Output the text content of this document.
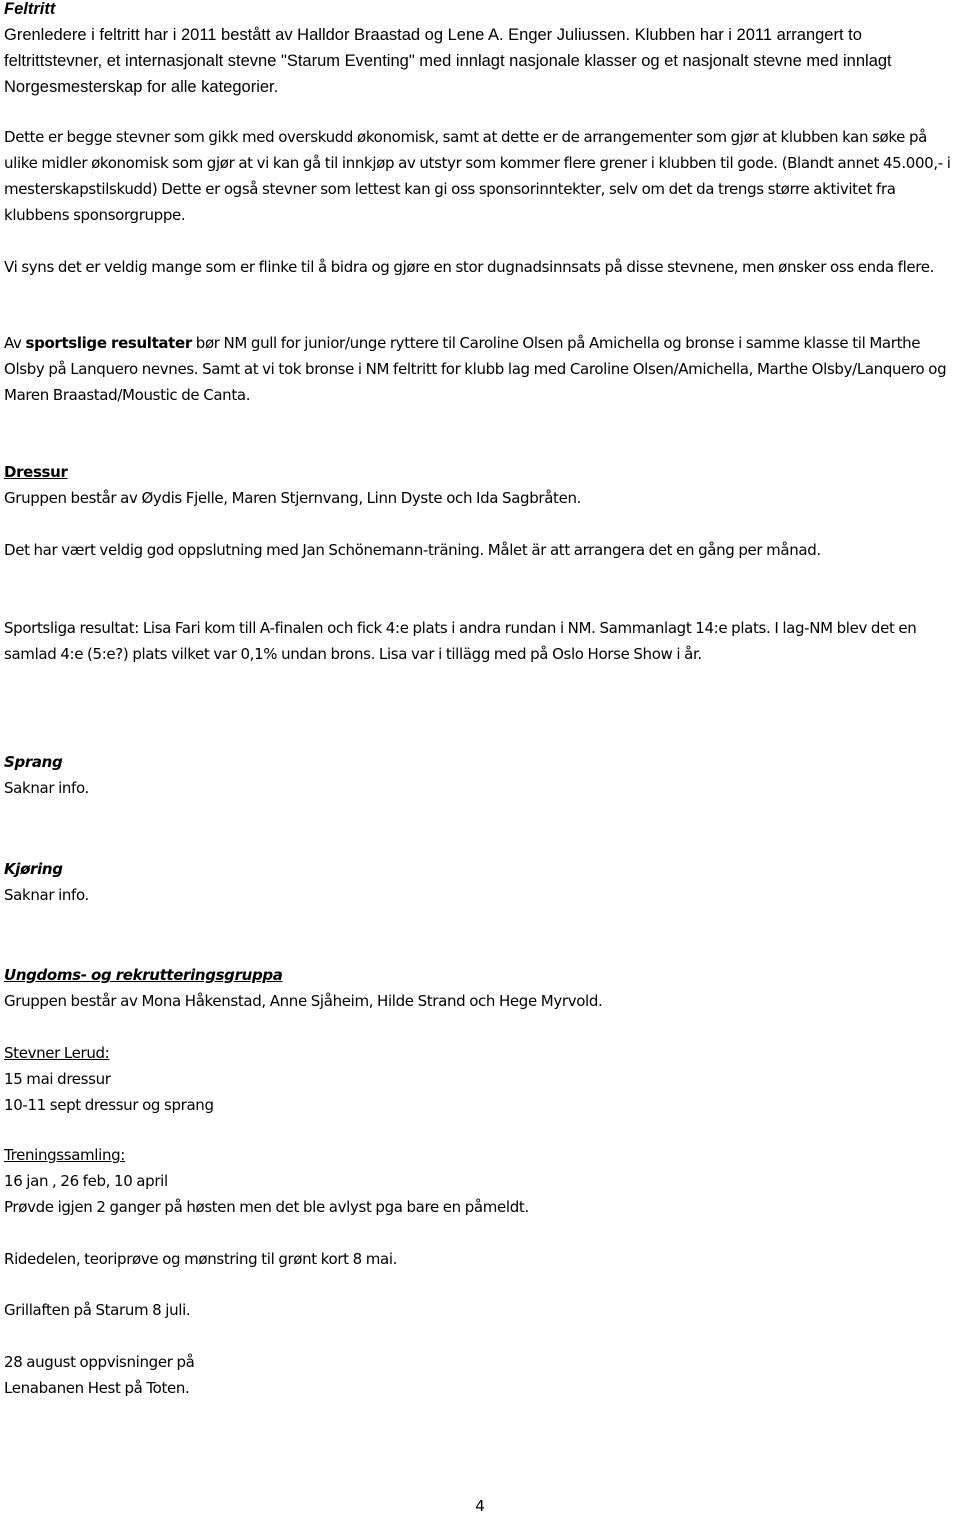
Feltritt

Grenledere i feltritt har i 2011 bestått av Halldor Braastad og Lene A. Enger Juliussen. Klubben har i 2011 arrangert to feltrittstevner, et internasjonalt stevne "Starum Eventing" med innlagt nasjonale klasser og et nasjonalt stevne med innlagt Norgesmesterskap for alle kategorier.

Dette er begge stevner som gikk med overskudd økonomisk, samt at dette er de arrangementer som gjør at klubben kan søke på ulike midler økonomisk som gjør at vi kan gå til innkjøp av utstyr som kommer flere grener i klubben til gode. (Blandt annet 45.000,- i mesterskapstilskudd) Dette er også stevner som lettest kan gi oss sponsorinntekter, selv om det da trengs større aktivitet fra klubbens sponsorgruppe.

Vi syns det er veldig mange som er flinke til å bidra og gjøre en stor dugnadsinnsats på disse stevnene, men ønsker oss enda flere.

Av sportslige resultater bør NM gull for junior/unge ryttere til Caroline Olsen på Amichella og bronse i samme klasse til Marthe Olsby på Lanquero nevnes. Samt at vi tok bronse i NM feltritt for klubb lag med Caroline Olsen/Amichella, Marthe Olsby/Lanquero og Maren Braastad/Moustic de Canta.

Dressur

Gruppen består av Øydis Fjelle, Maren Stjernvang, Linn Dyste och Ida Sagbråten.

Det har vært veldig god oppslutning med Jan Schönemann-träning. Målet är att arrangera det en gång per månad.

Sportsliga resultat: Lisa Fari kom till A-finalen och fick 4:e plats i andra rundan i NM. Sammanlagt 14:e plats. I lag-NM blev det en samlad 4:e (5:e?) plats vilket var 0,1% undan brons. Lisa var i tillägg med på Oslo Horse Show i år.

Sprang

Saknar info.

Kjøring

Saknar info.

Ungdoms- og rekrutteringsgruppa

Gruppen består av Mona Håkenstad, Anne Sjåheim, Hilde Strand och Hege Myrvold.

Stevner Lerud:

15 mai dressur

10-11 sept dressur og sprang

Treningssamling:

16 jan , 26 feb, 10 april

Prøvde igjen 2 ganger på høsten men det ble avlyst pga bare en påmeldt.

Ridedelen, teoriprøve og mønstring til grønt kort 8 mai.

Grillaften på Starum 8 juli.

28 august oppvisninger på

Lenabanen Hest på Toten.

4
